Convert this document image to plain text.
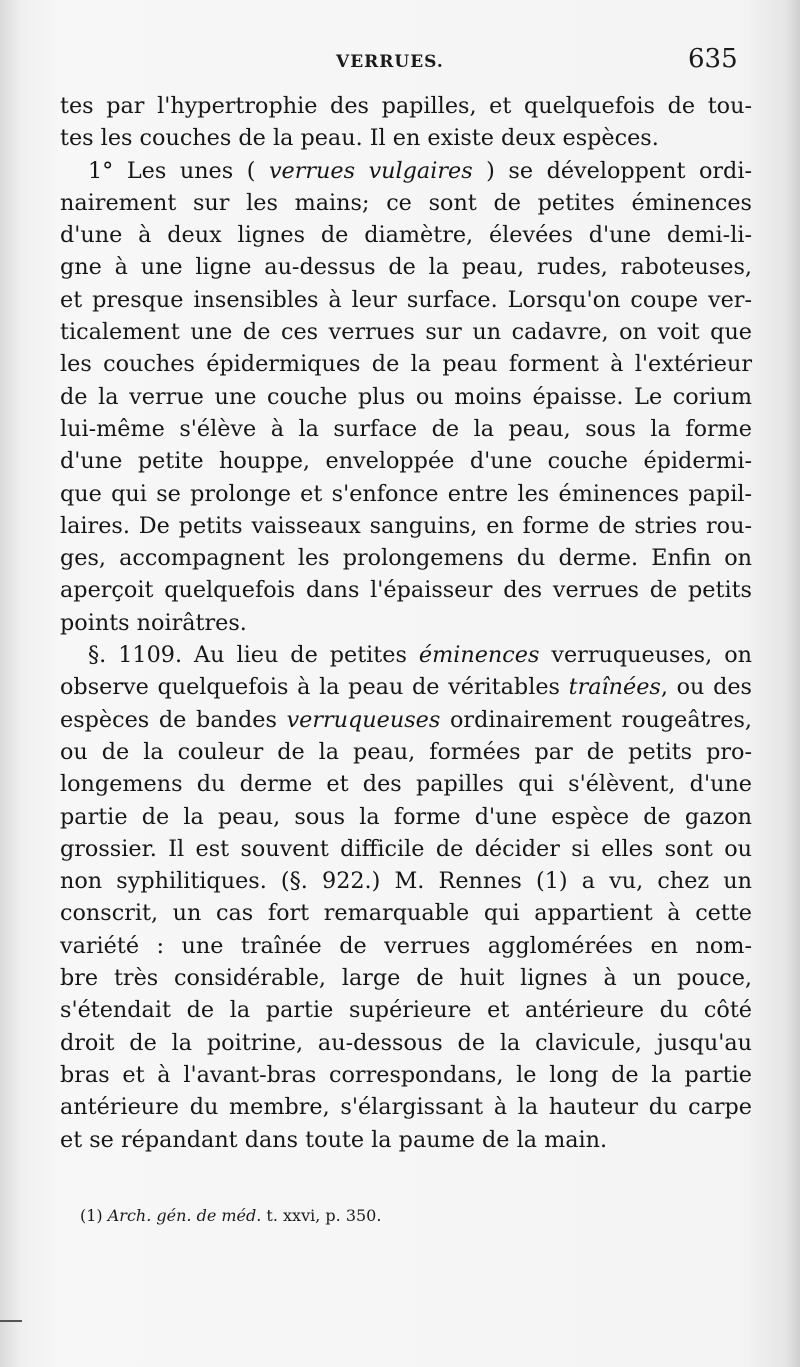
VERRUES.	635
tes par l'hypertrophie des papilles, et quelquefois de tou-
tes les couches de la peau. Il en existe deux espèces.
1° Les unes ( verrues vulgaires ) se développent ordi-
nairement sur les mains; ce sont de petites éminences
d'une à deux lignes de diamètre, élevées d'une demi-li-
gne à une ligne au-dessus de la peau, rudes, raboteuses,
et presque insensibles à leur surface. Lorsqu'on coupe ver-
ticalement une de ces verrues sur un cadavre, on voit que
les couches épidermiques de la peau forment à l'extérieur
de la verrue une couche plus ou moins épaisse. Le corium
lui-même s'élève à la surface de la peau, sous la forme
d'une petite houppe, enveloppée d'une couche épidermi-
que qui se prolonge et s'enfonce entre les éminences papil-
laires. De petits vaisseaux sanguins, en forme de stries rou-
ges, accompagnent les prolongemens du derme. Enfin on
aperçoit quelquefois dans l'épaisseur des verrues de petits
points noirâtres.
§. 1109. Au lieu de petites éminences verruqueuses, on
observe quelquefois à la peau de véritables traînées, ou des
espèces de bandes verruqueuses ordinairement rougeâtres,
ou de la couleur de la peau, formées par de petits pro-
longemens du derme et des papilles qui s'élèvent, d'une
partie de la peau, sous la forme d'une espèce de gazon
grossier. Il est souvent difficile de décider si elles sont ou
non syphilitiques. (§. 922.) M. Rennes (1) a vu, chez un
conscrit, un cas fort remarquable qui appartient à cette
variété : une traînée de verrues agglomérées en nom-
bre très considérable, large de huit lignes à un pouce,
s'étendait de la partie supérieure et antérieure du côté
droit de la poitrine, au-dessous de la clavicule, jusqu'au
bras et à l'avant-bras correspondans, le long de la partie
antérieure du membre, s'élargissant à la hauteur du carpe
et se répandant dans toute la paume de la main.
(1) Arch. gén. de méd. t. xxvi, p. 350.
